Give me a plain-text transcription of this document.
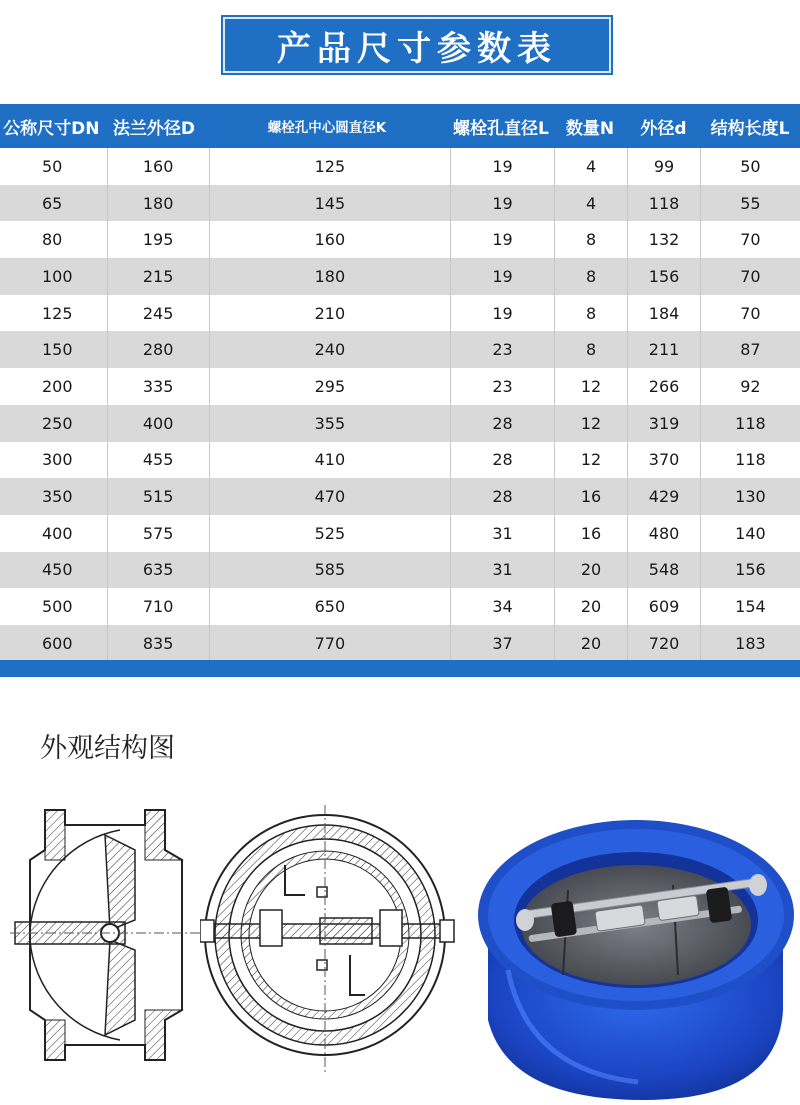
产品尺寸参数表
公称尺寸DN 法兰外径D	螺栓孔中心圆直径K	螺栓孔直径L	数量N	外径d	结构长度L
50	160	125	19	4	99	50
65	180	145	19	4	118	55
80	195	160	19	8	132	70
100	215	180	19	8	156	70
125	245	210	19	8	184	70
150	280	240	23	8	211	87
200	335	295	23	12	266	92
250	400	355	28	12	319	118
300	455	410	28	12	370	118
350	515	470	28	16	429	130
400	575	525	31	16	480	140
450	635	585	31	20	548	156
500	710	650	34	20	609	154
600	835	770	37	20	720	183
外观结构图
